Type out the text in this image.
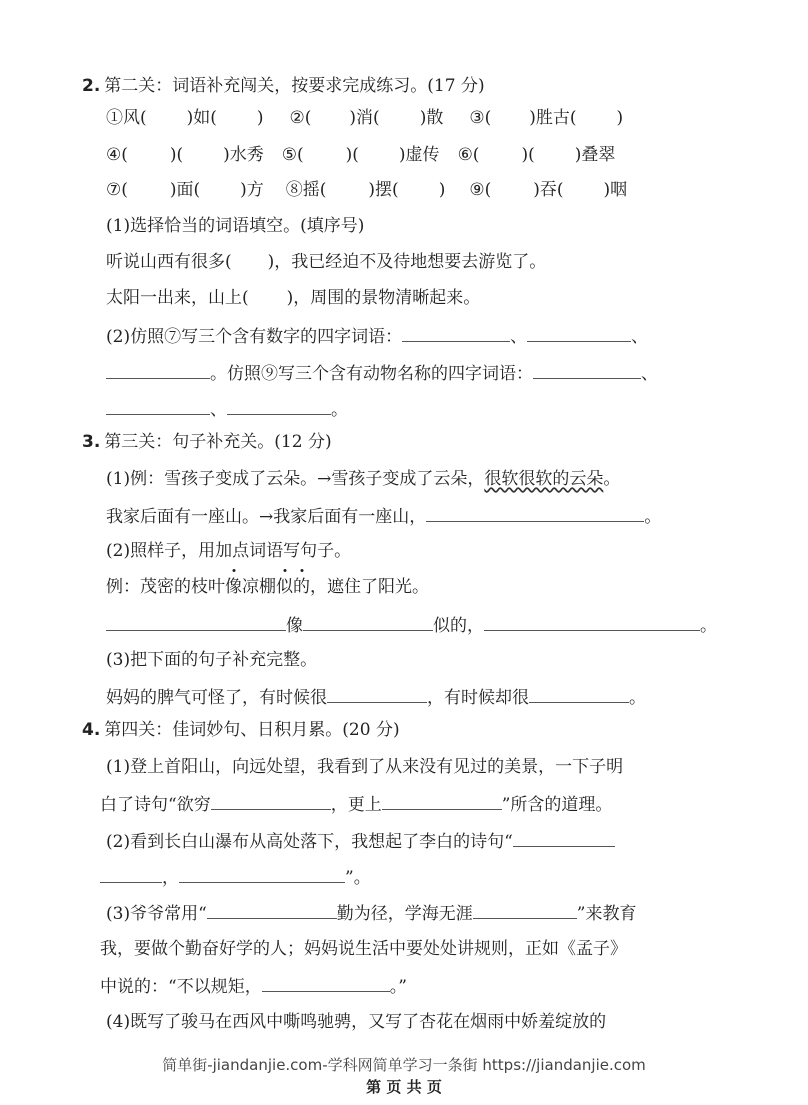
2. 第二关：词语补充闯关，按要求完成练习。(17 分)
①风( )如( ) ②( )消( )散 ③( )胜古( )
④( )( )水秀 ⑤( )( )虚传 ⑥( )( )叠翠
⑦( )面( )方 ⑧摇( )摆( ) ⑨( )吞( )咽
(1)选择恰当的词语填空。(填序号)
听说山西有很多( )，我已经迫不及待地想要去游览了。
太阳一出来，山上( )，周围的景物清晰起来。
(2)仿照⑦写三个含有数字的四字词语：	、	、
。仿照⑨写三个含有动物名称的四字词语：	、
、	。
3. 第三关：句子补充关。(12 分)
(1)例：雪孩子变成了云朵。→雪孩子变成了云朵，很软很软的云朵。
我家后面有一座山。→我家后面有一座山，	。
(2)照样子，用加点词语写句子。
例：茂密的枝叶像凉棚似的，遮住了阳光。
像	似的，	。
(3)把下面的句子补充完整。
妈妈的脾气可怪了，有时候很	，有时候却很	。
4. 第四关：佳词妙句、日积月累。(20 分)
(1)登上首阳山，向远处望，我看到了从来没有见过的美景，一下子明
白了诗句“欲穷	，更上	”所含的道理。
(2)看到长白山瀑布从高处落下，我想起了李白的诗句“
，	”。
(3)爷爷常用“	勤为径，学海无涯	”来教育
我，要做个勤奋好学的人；妈妈说生活中要处处讲规则，正如《孟子》
中说的：“不以规矩，	。”
(4)既写了骏马在西风中嘶鸣驰骋，又写了杏花在烟雨中娇羞绽放的
简单街-jiandanjie.com-学科网简单学习一条街 https://jiandanjie.com
第 页 共 页
